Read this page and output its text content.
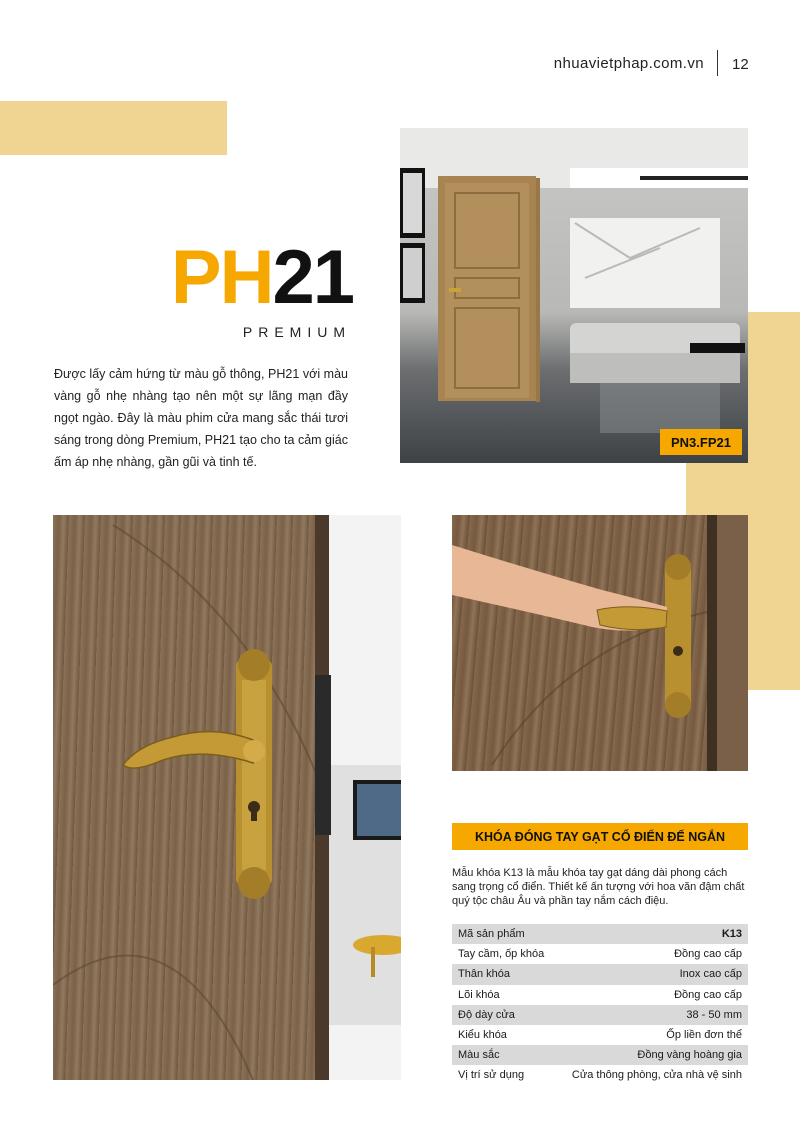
nhuavietphap.com.vn 12
PH21
PREMIUM
Được lấy cảm hứng từ màu gỗ thông, PH21 với màu vàng gỗ nhẹ nhàng tạo nên một sự lãng mạn đầy ngọt ngào. Đây là màu phim cửa mang sắc thái tươi sáng trong dòng Premium, PH21 tạo cho ta cảm giác ấm áp nhẹ nhàng, gần gũi và tinh tế.
PN3.FP21
KHÓA ĐÓNG TAY GẠT CỔ ĐIỂN ĐẾ NGẮN
Mẫu khóa K13 là mẫu khóa tay gạt dáng dài phong cách sang trọng cổ điển. Thiết kế ấn tượng với hoa văn đậm chất quý tộc châu Âu và phần tay nắm cách điệu.
Mã sản phẩm	K13
Tay cầm, ốp khóa	Đồng cao cấp
Thân khóa	Inox cao cấp
Lõi khóa	Đồng cao cấp
Độ dày cửa	38 - 50 mm
Kiểu khóa	Ốp liền đơn thể
Màu sắc	Đồng vàng hoàng gia
Vị trí sử dụng	Cửa thông phòng, cửa nhà vệ sinh
